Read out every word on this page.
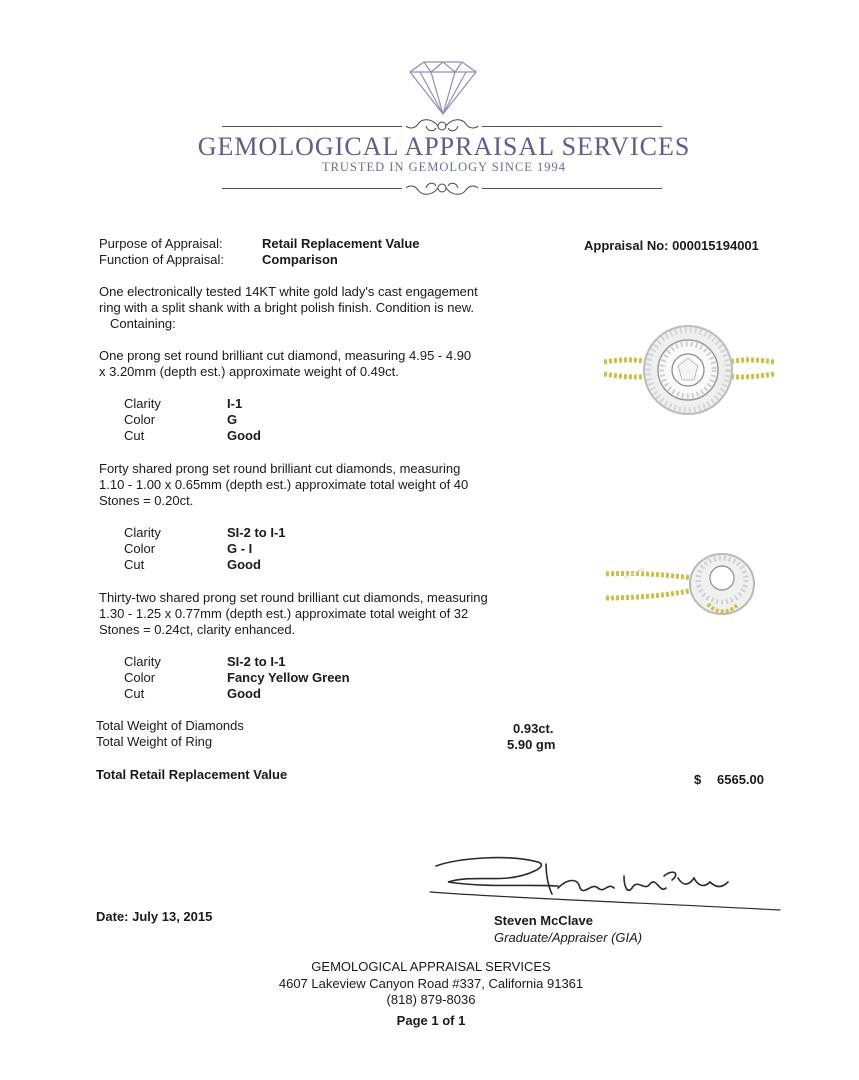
GEMOLOGICAL APPRAISAL SERVICES
TRUSTED IN GEMOLOGY SINCE 1994
Purpose of Appraisal:	Retail Replacement Value
Function of Appraisal:	Comparison
Appraisal No: 000015194001
One electronically tested 14KT white gold lady's cast engagement
ring with a split shank with a bright polish finish. Condition is new.
Containing:
One prong set round brilliant cut diamond, measuring 4.95 - 4.90
x 3.20mm (depth est.) approximate weight of 0.49ct.
Clarity	I-1
Color	G
Cut	Good
Forty shared prong set round brilliant cut diamonds, measuring
1.10 - 1.00 x 0.65mm (depth est.) approximate total weight of 40
Stones = 0.20ct.
Clarity	SI-2 to I-1
Color	G - I
Cut	Good
Thirty-two shared prong set round brilliant cut diamonds, measuring
1.30 - 1.25 x 0.77mm (depth est.) approximate total weight of 32
Stones = 0.24ct, clarity enhanced.
Clarity	SI-2 to I-1
Color	Fancy Yellow Green
Cut	Good
Total Weight of Diamonds	0.93ct.
Total Weight of Ring	5.90 gm
Total Retail Replacement Value	$ 6565.00
Date: July 13, 2015	Steven McClave
Graduate/Appraiser (GIA)
GEMOLOGICAL APPRAISAL SERVICES
4607 Lakeview Canyon Road #337, California 91361
(818) 879-8036
Page 1 of 1
